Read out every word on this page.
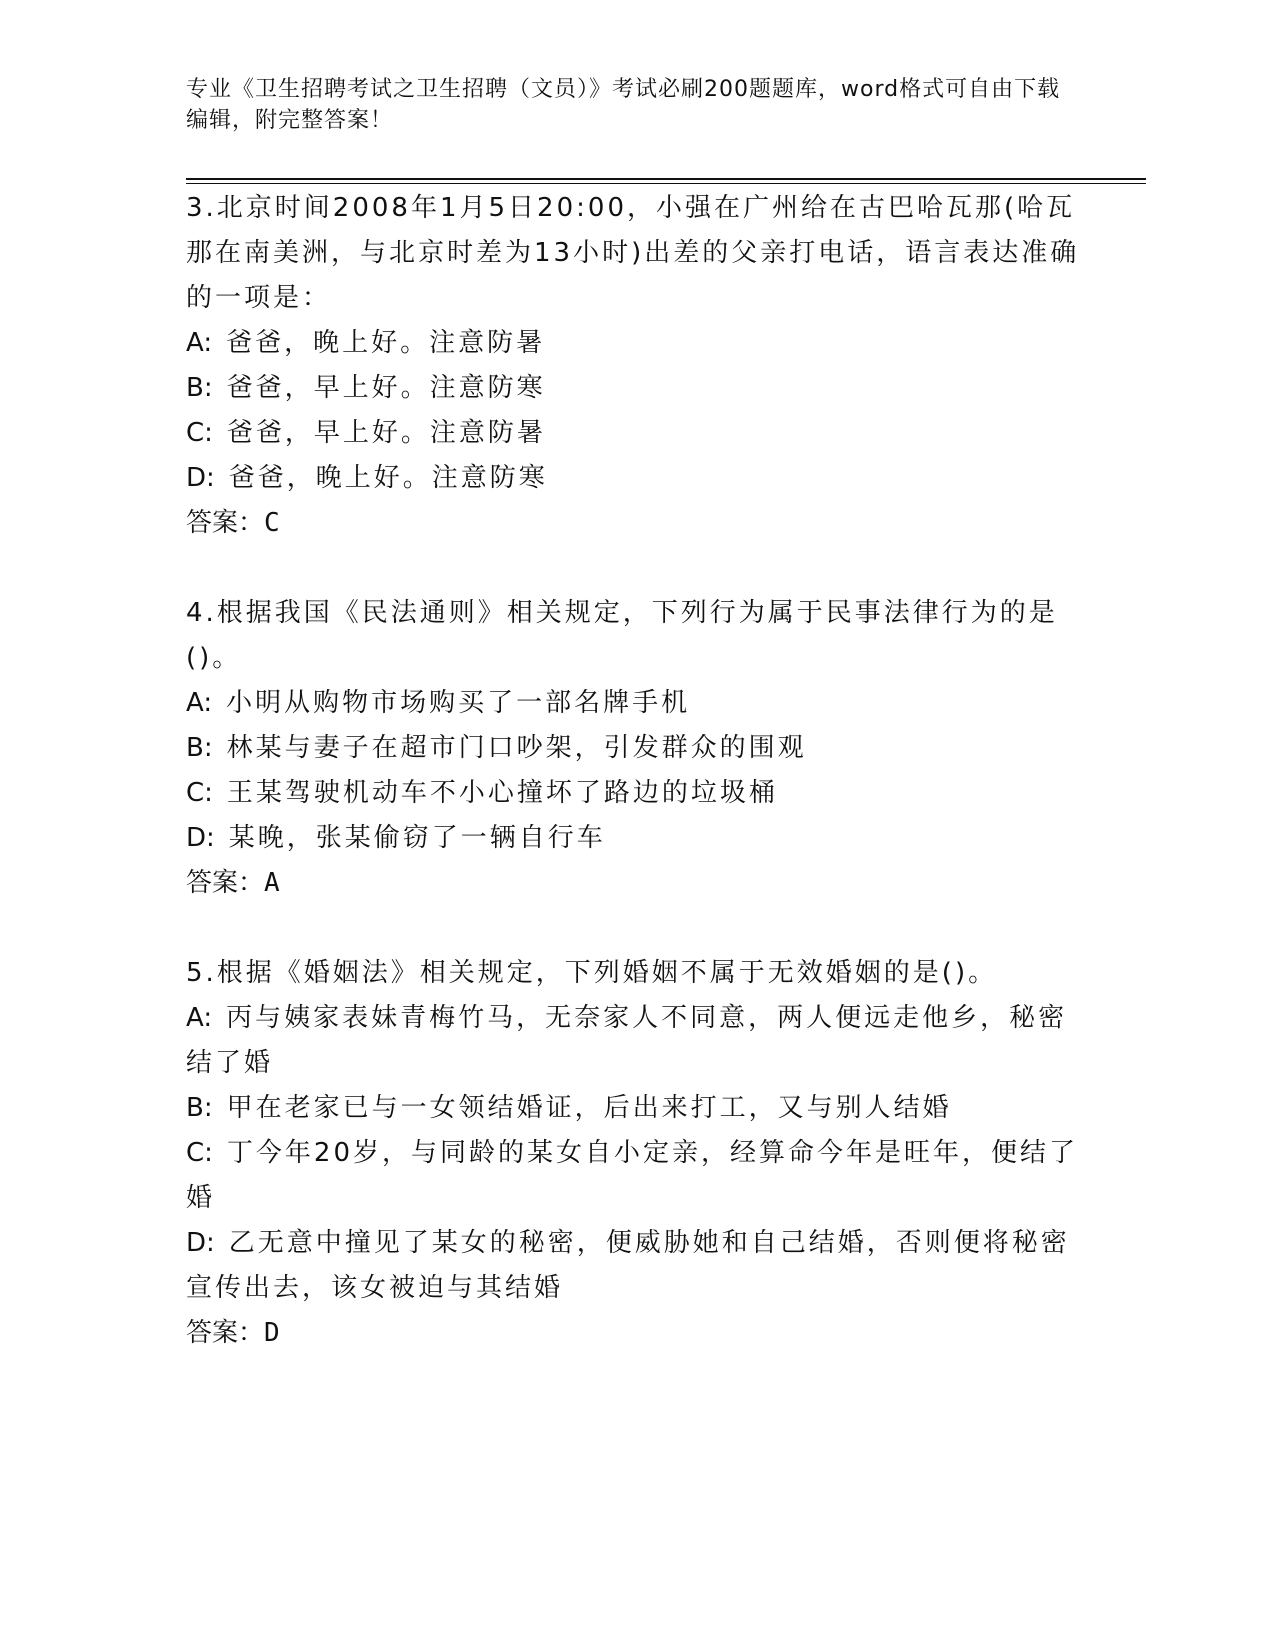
专业《卫生招聘考试之卫生招聘（文员）》考试必刷200题题库，word格式可自由下载编辑，附完整答案！
3.北京时间2008年1月5日20:00，小强在广州给在古巴哈瓦那(哈瓦那在南美洲，与北京时差为13小时)出差的父亲打电话，语言表达准确的一项是：
A: 爸爸，晚上好。注意防暑
B: 爸爸，早上好。注意防寒
C: 爸爸，早上好。注意防暑
D: 爸爸，晚上好。注意防寒
答案：C
4.根据我国《民法通则》相关规定，下列行为属于民事法律行为的是()。
A: 小明从购物市场购买了一部名牌手机
B: 林某与妻子在超市门口吵架，引发群众的围观
C: 王某驾驶机动车不小心撞坏了路边的垃圾桶
D: 某晚，张某偷窃了一辆自行车
答案：A
5.根据《婚姻法》相关规定，下列婚姻不属于无效婚姻的是()。
A: 丙与姨家表妹青梅竹马，无奈家人不同意，两人便远走他乡，秘密结了婚
B: 甲在老家已与一女领结婚证，后出来打工，又与别人结婚
C: 丁今年20岁，与同龄的某女自小定亲，经算命今年是旺年，便结了婚
D: 乙无意中撞见了某女的秘密，便威胁她和自己结婚，否则便将秘密宣传出去，该女被迫与其结婚
答案：D
